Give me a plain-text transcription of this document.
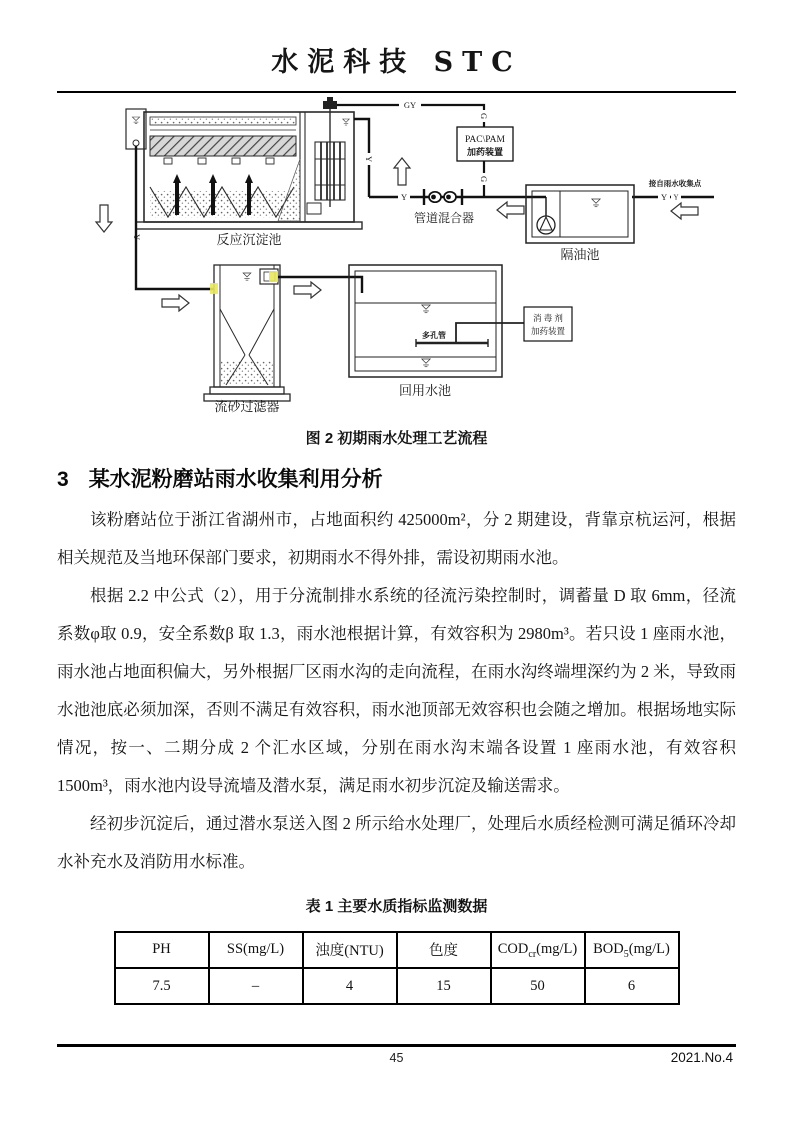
水泥科技 STC
反应沉淀池
GY
G
G
Y
Y	Y
Y
PAC\PAM
加药装置
管道混合器
隔油池
接自雨水收集点
Y
流砂过滤器
多孔管
消 毒 剂
加药装置
回用水池

图 2 初期雨水处理工艺流程

3 某水泥粉磨站雨水收集利用分析

该粉磨站位于浙江省湖州市，占地面积约 425000m²，分 2 期建设，背靠京杭运河，根据相关规范及当地环保部门要求，初期雨水不得外排，需设初期雨水池。

根据 2.2 中公式（2），用于分流制排水系统的径流污染控制时，调蓄量 D 取 6mm，径流系数φ取 0.9，安全系数β 取 1.3，雨水池根据计算，有效容积为 2980m³。若只设 1 座雨水池，雨水池占地面积偏大，另外根据厂区雨水沟的走向流程，在雨水沟终端埋深约为 2 米，导致雨水池池底必须加深，否则不满足有效容积，雨水池顶部无效容积也会随之增加。根据场地实际情况，按一、二期分成 2 个汇水区域，分别在雨水沟末端各设置 1 座雨水池，有效容积 1500m³，雨水池内设导流墙及潜水泵，满足雨水初步沉淀及输送需求。

经初步沉淀后，通过潜水泵送入图 2 所示给水处理厂，处理后水质经检测可满足循环冷却水补充水及消防用水标准。

表 1 主要水质指标监测数据

PH	SS(mg/L)	浊度(NTU)	色度	$COD_{cr}(mg/L)$	$BOD_5(mg/L)$
7.5	–	4	15	50	6
45	2021.No.4
